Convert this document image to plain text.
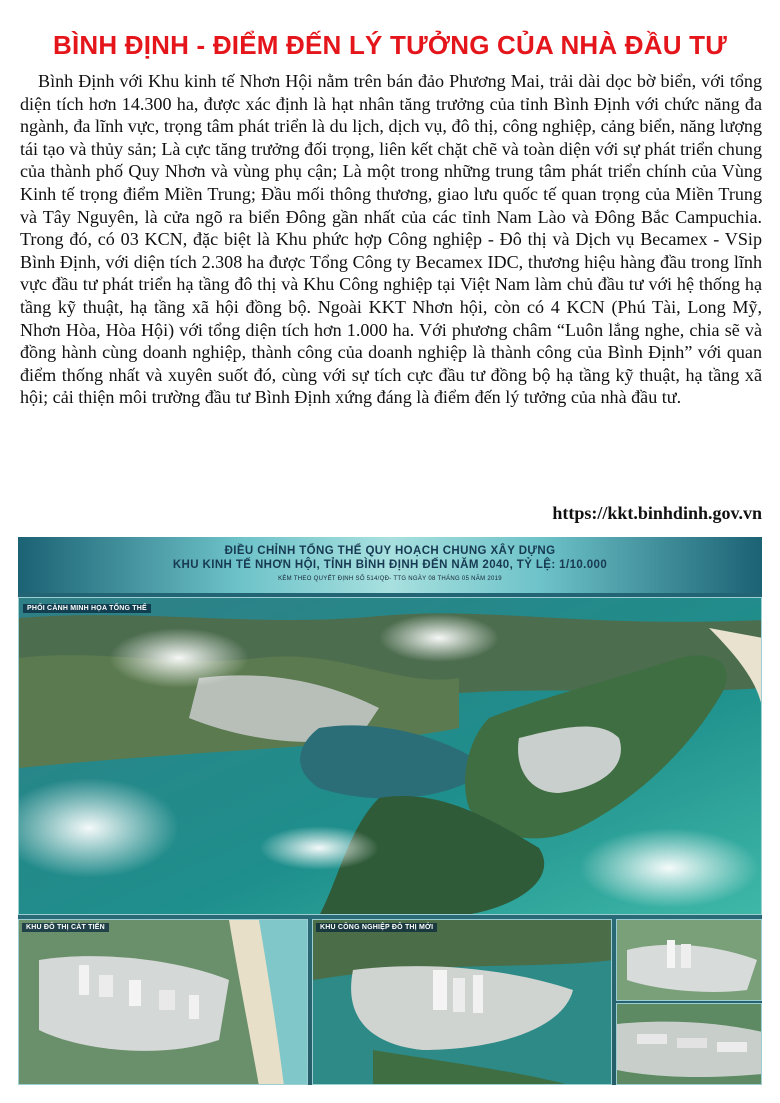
BÌNH ĐỊNH - ĐIỂM ĐẾN LÝ TƯỞNG CỦA NHÀ ĐẦU TƯ

Bình Định với Khu kinh tế Nhơn Hội nằm trên bán đảo Phương Mai, trải dài dọc bờ biển, với tổng diện tích hơn 14.300 ha, được xác định là hạt nhân tăng trưởng của tỉnh Bình Định với chức năng đa ngành, đa lĩnh vực, trọng tâm phát triển là du lịch, dịch vụ, đô thị, công nghiệp, cảng biển, năng lượng tái tạo và thủy sản; Là cực tăng trưởng đối trọng, liên kết chặt chẽ và toàn diện với sự phát triển chung của thành phố Quy Nhơn và vùng phụ cận; Là một trong những trung tâm phát triển chính của Vùng Kinh tế trọng điểm Miền Trung; Đầu mối thông thương, giao lưu quốc tế quan trọng của Miền Trung và Tây Nguyên, là cửa ngõ ra biển Đông gần nhất của các tỉnh Nam Lào và Đông Bắc Campuchia. Trong đó, có 03 KCN, đặc biệt là Khu phức hợp Công nghiệp - Đô thị và Dịch vụ Becamex - VSip Bình Định, với diện tích 2.308 ha được Tổng Công ty Becamex IDC, thương hiệu hàng đầu trong lĩnh vực đầu tư phát triển hạ tầng đô thị và Khu Công nghiệp tại Việt Nam làm chủ đầu tư với hệ thống hạ tầng kỹ thuật, hạ tầng xã hội đồng bộ. Ngoài KKT Nhơn hội, còn có 4 KCN (Phú Tài, Long Mỹ, Nhơn Hòa, Hòa Hội) với tổng diện tích hơn 1.000 ha. Với phương châm “Luôn lắng nghe, chia sẽ và đồng hành cùng doanh nghiệp, thành công của doanh nghiệp là thành công của Bình Định” với quan điểm thống nhất và xuyên suốt đó, cùng với sự tích cực đầu tư đồng bộ hạ tầng kỹ thuật, hạ tầng xã hội; cải thiện môi trường đầu tư Bình Định xứng đáng là điểm đến lý tưởng của nhà đầu tư.

https://kkt.binhdinh.gov.vn
ĐIỀU CHỈNH TỔNG THỂ QUY HOẠCH CHUNG XÂY DỰNG
KHU KINH TẾ NHƠN HỘI, TỈNH BÌNH ĐỊNH ĐẾN NĂM 2040, TỶ LỆ: 1/10.000
KÈM THEO QUYẾT ĐỊNH SỐ 514/QĐ- TTG NGÀY 08 THÁNG 05 NĂM 2019
PHỐI CẢNH MINH HỌA TỔNG THỂ
KHU ĐÔ THỊ CÁT TIẾN	KHU CÔNG NGHIỆP ĐÔ THỊ MỚI
